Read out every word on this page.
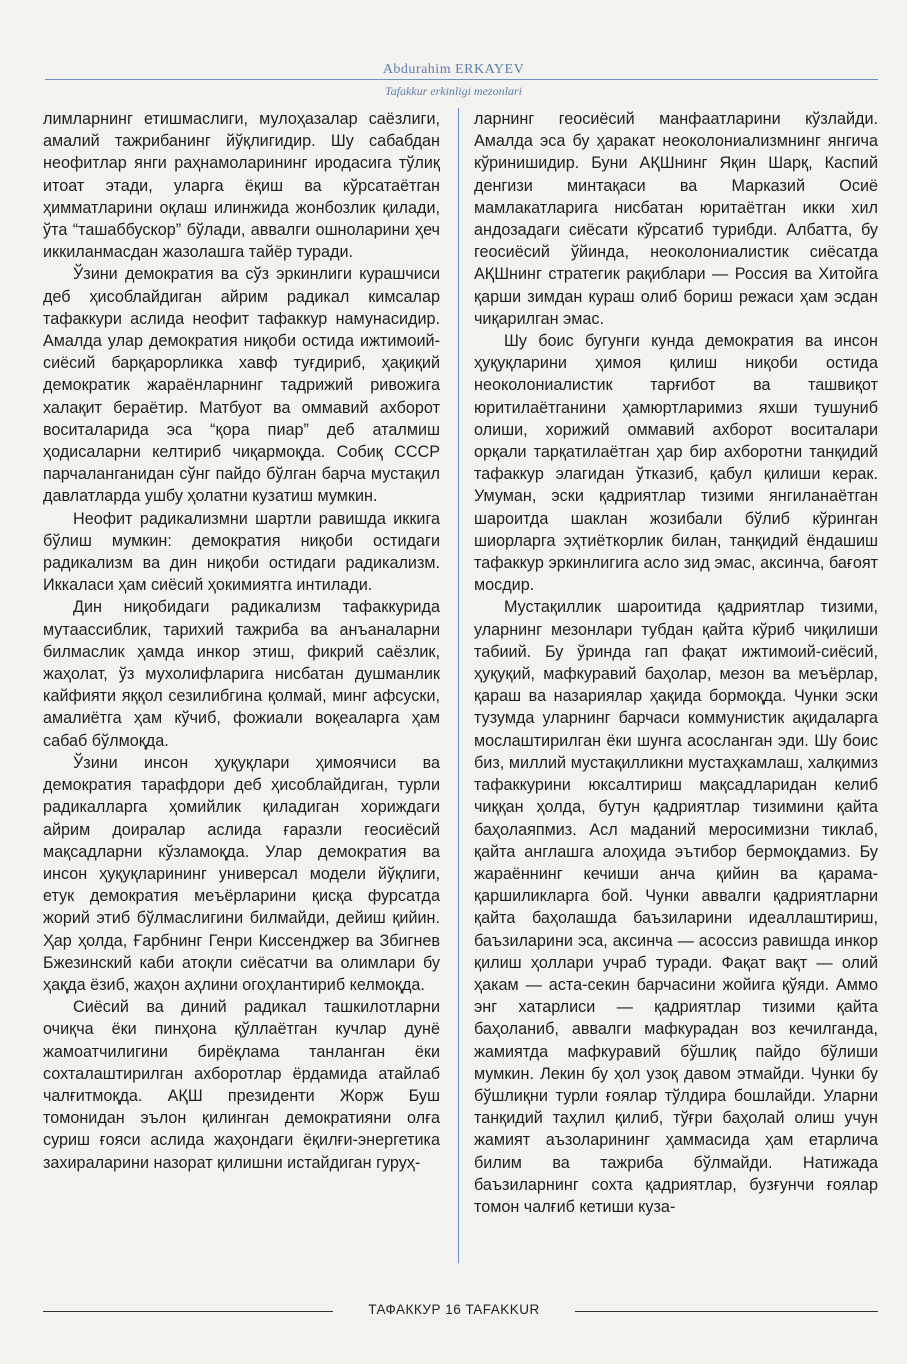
Abdurahim ERKAYEV
Tafakkur erkinligi mezonlari

лимларнинг етишмаслиги, мулоҳазалар саёзлиги, амалий тажрибанинг йўқлигидир. Шу сабабдан неофитлар янги раҳнамоларининг иродасига тўлиқ итоат этади, уларга ёқиш ва кўрсатаётган ҳимматларини оқлаш илинжида жонбозлик қилади, ўта “ташаббускор” бўлади, аввалги ошноларини ҳеч иккиланмасдан жазолашга тайёр туради.

Ўзини демократия ва сўз эркинлиги курашчиси деб ҳисоблайдиган айрим радикал кимсалар тафаккури аслида неофит тафаккур намунасидир. Амалда улар демократия ниқоби остида ижтимоий-сиёсий барқарорликка хавф туғдириб, ҳақиқий демократик жараёнларнинг тадрижий ривожига халақит бераётир. Матбуот ва оммавий ахборот воситаларида эса “қора пиар” деб аталмиш ҳодисаларни келтириб чиқармоқда. Собиқ СССР парчаланганидан сўнг пайдо бўлган барча мустақил давлатларда ушбу ҳолатни кузатиш мумкин.

Неофит радикализмни шартли равишда иккига бўлиш мумкин: демократия ниқоби остидаги радикализм ва дин ниқоби остидаги радикализм. Иккаласи ҳам сиёсий ҳокимиятга интилади.

Дин ниқобидаги радикализм тафаккурида мутаассиблик, тарихий тажриба ва анъаналарни билмаслик ҳамда инкор этиш, фикрий саёзлик, жаҳолат, ўз мухолифларига нисбатан душманлик кайфияти яққол сезилибгина қолмай, минг афсуски, амалиётга ҳам кўчиб, фожиали воқеаларга ҳам сабаб бўлмоқда.

Ўзини инсон ҳуқуқлари ҳимоячиси ва демократия тарафдори деб ҳисоблайдиган, турли радикалларга ҳомийлик қиладиган хориждаги айрим доиралар аслида ғаразли геосиёсий мақсадларни кўзламоқда. Улар демократия ва инсон ҳуқуқларининг универсал модели йўқлиги, етук демократия меъёрларини қисқа фурсатда жорий этиб бўлмаслигини билмайди, дейиш қийин. Ҳар ҳолда, Ғарбнинг Генри Киссенджер ва Збигнев Бжезинский каби атоқли сиёсатчи ва олимлари бу ҳақда ёзиб, жаҳон аҳлини огоҳлантириб келмоқда.

Сиёсий ва диний радикал ташкилотларни очиқча ёки пинҳона қўллаётган кучлар дунё жамоатчилигини бирёқлама танланган ёки сохталаштирилган ахборотлар ёрдамида атайлаб чалғитмоқда. АҚШ президенти Жорж Буш томонидан эълон қилинган демократияни олға суриш ғояси аслида жаҳондаги ёқилғи-энергетика захираларини назорат қилишни истайдиган гуруҳ-

ларнинг геосиёсий манфаатларини кўзлайди. Амалда эса бу ҳаракат неоколониализмнинг янгича кўринишидир. Буни АҚШнинг Яқин Шарқ, Каспий денгизи минтақаси ва Марказий Осиё мамлакатларига нисбатан юритаётган икки хил андозадаги сиёсати кўрсатиб турибди. Албатта, бу геосиёсий ўйинда, неоколониалистик сиёсатда АҚШнинг стратегик рақиблари — Россия ва Хитойга қарши зимдан кураш олиб бориш режаси ҳам эсдан чиқарилган эмас.

Шу боис бугунги кунда демократия ва инсон ҳуқуқларини ҳимоя қилиш ниқоби остида неоколониалистик тарғибот ва ташвиқот юритилаётганини ҳамюртларимиз яхши тушуниб олиши, хорижий оммавий ахборот воситалари орқали тарқатилаётган ҳар бир ахборотни танқидий тафаккур элагидан ўтказиб, қабул қилиши керак. Умуман, эски қадриятлар тизими янгиланаётган шароитда шаклан жозибали бўлиб кўринган шиорларга эҳтиёткорлик билан, танқидий ёндашиш тафаккур эркинлигига асло зид эмас, аксинча, бағоят мосдир.

Мустақиллик шароитида қадриятлар тизими, уларнинг мезонлари тубдан қайта кўриб чиқилиши табиий. Бу ўринда гап фақат ижтимоий-сиёсий, ҳуқуқий, мафкуравий баҳолар, мезон ва меъёрлар, қараш ва назариялар ҳақида бормоқда. Чунки эски тузумда уларнинг барчаси коммунистик ақидаларга мослаштирилган ёки шунга асосланган эди. Шу боис биз, миллий мустақилликни мустаҳкамлаш, халқимиз тафаккурини юксалтириш мақсадларидан келиб чиққан ҳолда, бутун қадриятлар тизимини қайта баҳолаяпмиз. Асл маданий меросимизни тиклаб, қайта англашга алоҳида эътибор бермоқдамиз. Бу жараённинг кечиши анча қийин ва қарама-қаршиликларга бой. Чунки аввалги қадриятларни қайта баҳолашда баъзиларини идеаллаштириш, баъзиларини эса, аксинча — асоссиз равишда инкор қилиш ҳоллари учраб туради. Фақат вақт — олий ҳакам — аста-секин барчасини жойига қўяди. Аммо энг хатарлиси — қадриятлар тизими қайта баҳоланиб, аввалги мафкурадан воз кечилганда, жамиятда мафкуравий бўшлиқ пайдо бўлиши мумкин. Лекин бу ҳол узоқ давом этмайди. Чунки бу бўшлиқни турли ғоялар тўлдира бошлайди. Уларни танқидий таҳлил қилиб, тўғри баҳолай олиш учун жамият аъзоларининг ҳаммасида ҳам етарлича билим ва тажриба бўлмайди. Натижада баъзиларнинг сохта қадриятлар, бузғунчи ғоялар томон чалғиб кетиши куза-

ТАФАККУР 16 TAFAKKUR
